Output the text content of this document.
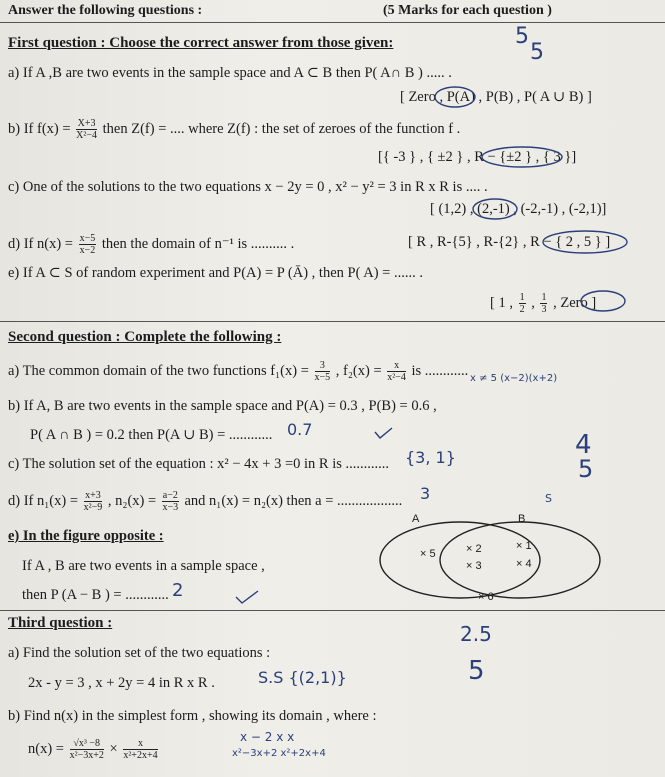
Answer the following questions :	(5 Marks for each question )
First question : Choose the correct answer from those given:
a) If A ,B are two events in the sample space and A ⊂ B then P( A∩ B ) ..... .
[ Zero , P(A) , P(B) , P( A ∪ B) ]
b) If $f(x) = \frac{X+3}{\text{X²−4}}$ then Z(f) = .... where Z(f) : the set of zeroes of the function f .
[{ -3 } , { ±2 } , R − {±2 } , { 3 }]
c) One of the solutions to the two equations x − 2y = 0 , x² − y² = 3 in R x R is .... .
[ (1,2) , (2,-1) , (-2,-1) , (-2,1)]
d) If $n(x) = \frac{x-5}{x-2}$ then the domain of n⁻¹ is .......... .	[ R , R-{5} , R-{2} , R − { 2 , 5 } ]
e) If A ⊂ S of random experiment and P(A) = P (Ā) , then P( A) = ...... .
[ 1 , $\frac{1}{2}$ , $\frac{1}{3}$ , Zero ]
Second question : Complete the following :
a) The common domain of the two functions $f_1(x) = \frac{3}{x-5}$ , $f_2(x) = \frac{x}{\text{x²−4}}$ is ............
b) If A, B are two events in the sample space and P(A) = 0.3 , P(B) = 0.6 ,
P( A ∩ B ) = 0.2 then P(A ∪ B) = ............
c) The solution set of the equation : x² − 4x + 3 =0 in R is ............
d) If $n_1(x) = \frac{x+3}{\text{x²−9}}$ , $n_2(x) = \frac{a-2}{x-3}$ and n₁(x) = n₂(x) then a = ..................
e) In the figure opposite :
If A , B are two events in a sample space ,
then P (A − B ) = ............
A	B
× 5	× 2
× 3
× 1
× 4
× 6
Third question :
a) Find the solution set of the two equations :
2x - y = 3 , x + 2y = 4 in R x R .
b) Find n(x) in the simplest form , showing its domain , where :
$n(x) = \frac{\text{√x³ −8}}{\text{x²−3x+2}} \times \frac{x}{\text{x²+2x+4}}$
5
5
x ≠ 5 (x−2)(x+2)
0.7
4
5
{3, 1}
3	S
2
S.S {(2,1)}
2.5
5
x − 2 x x
x²−3x+2 x²+2x+4
